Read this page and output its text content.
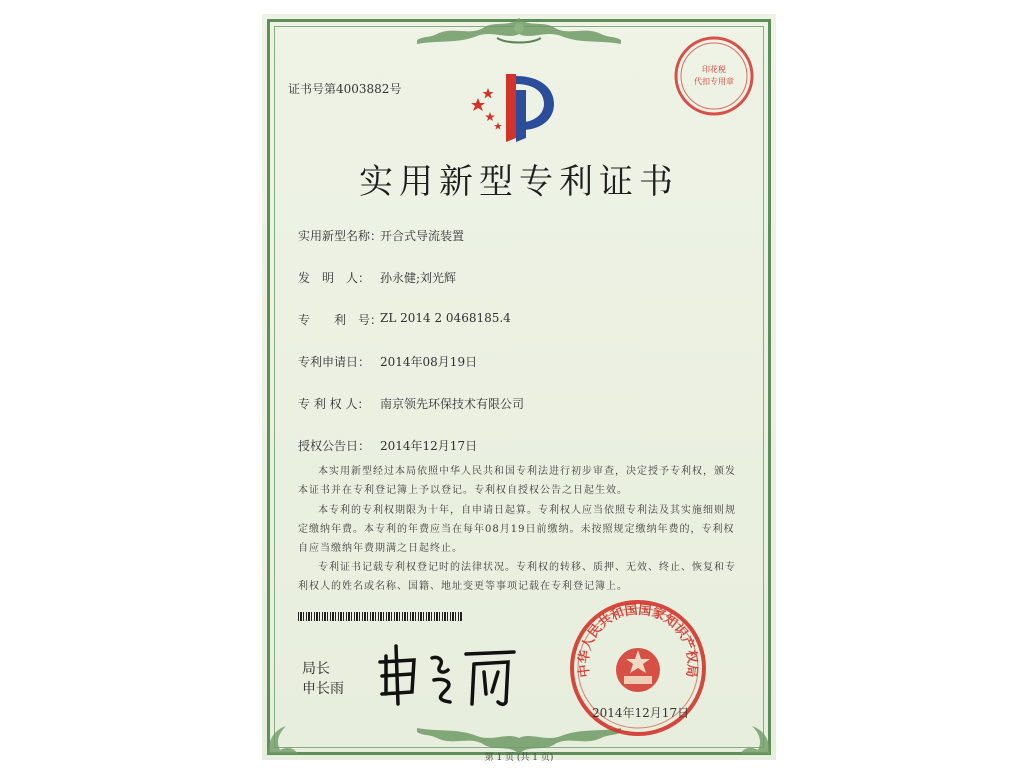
证书号第4003882号
印花税
代扣专用章
实用新型专利证书
实用新型名称：
开合式导流装置
发　明　人： 孙永健;刘光辉
专　　利　号：
ZL 2014 2 0468185.4
专利申请日： 2014年08月19日
专 利 权 人： 南京领先环保技术有限公司
授权公告日： 2014年12月17日
本实用新型经过本局依照中华人民共和国专利法进行初步审查，决定授予专利权，颁发本证书并在专利登记簿上予以登记。专利权自授权公告之日起生效。
本专利的专利权期限为十年，自申请日起算。专利权人应当依照专利法及其实施细则规定缴纳年费。本专利的年费应当在每年08月19日前缴纳。未按照规定缴纳年费的，专利权自应当缴纳年费期满之日起终止。
专利证书记载专利权登记时的法律状况。专利权的转移、质押、无效、终止、恢复和专利权人的姓名或名称、国籍、地址变更等事项记载在专利登记簿上。
局长
申长雨
中华人民共和国国家知识产权局
2014年12月17日
第 1 页 (共 1 页)
